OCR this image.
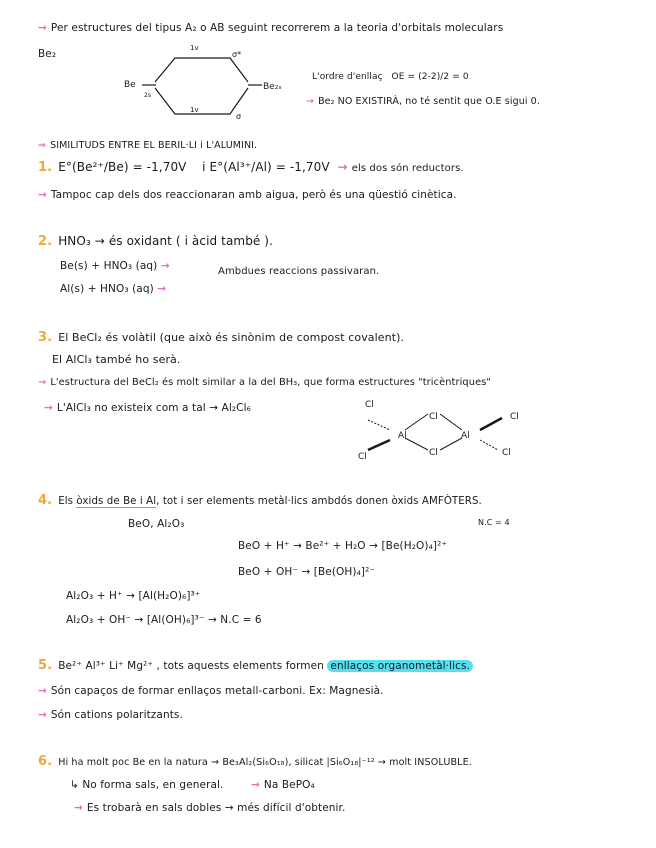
→ Per estructures del tipus A₂ o AB seguint recorrerem a la teoria d'orbitals moleculars
Be₂
Be
2s
Be₂ₛ
1v
σ*
1v
σ
L'ordre d'enllaç OE = (2-2)/2 = 0
→ Be₂ NO EXISTIRÀ, no té sentit que O.E sigui 0.
⇒ SIMILITUDS ENTRE EL BERIL·LI i L'ALUMINI.
1. E°(Be²⁺/Be) = -1,70V i E°(Al³⁺/Al) = -1,70V → els dos són reductors.
→ Tampoc cap dels dos reaccionaran amb aigua, però és una qüestió cinètica.
2. HNO₃ → és oxidant ( i àcid també ).
Be(s) + HNO₃ (aq) →
Al(s) + HNO₃ (aq) →
Ambdues reaccions passivaran.
3. El BeCl₂ és volàtil (que això és sinònim de compost covalent).
El AlCl₃ també ho serà.
→ L'estructura del BeCl₂ és molt similar a la del BH₃, que forma estructures "tricèntriques"
→ L'AlCl₃ no existeix com a tal → Al₂Cl₆
Al	Al
Cl
Cl
Cl
Cl
Cl
Cl
4. Els òxids de Be i Al, tot i ser elements metàl·lics ambdós donen òxids AMFÒTERS.
BeO, Al₂O₃	N.C = 4
BeO + H⁺ → Be²⁺ + H₂O → [Be(H₂O)₄]²⁺
BeO + OH⁻ → [Be(OH)₄]²⁻
Al₂O₃ + H⁺ → [Al(H₂O)₆]³⁺
Al₂O₃ + OH⁻ → [Al(OH)₆]³⁻ → N.C = 6
5. Be²⁺ Al³⁺ Li⁺ Mg²⁺ , tots aquests elements formen enllaços organometàl·lics.
→ Són capaços de formar enllaços metall-carboni. Ex: Magnesià.
→ Són cations polaritzants.
6. Hi ha molt poc Be en la natura → Be₃Al₂(Si₆O₁₈), silicat |Si₆O₁₈|⁻¹² → molt INSOLUBLE.
↳ No forma sals, en general.	→ Na BePO₄
→ Es trobarà en sals dobles → més difícil d'obtenir.
